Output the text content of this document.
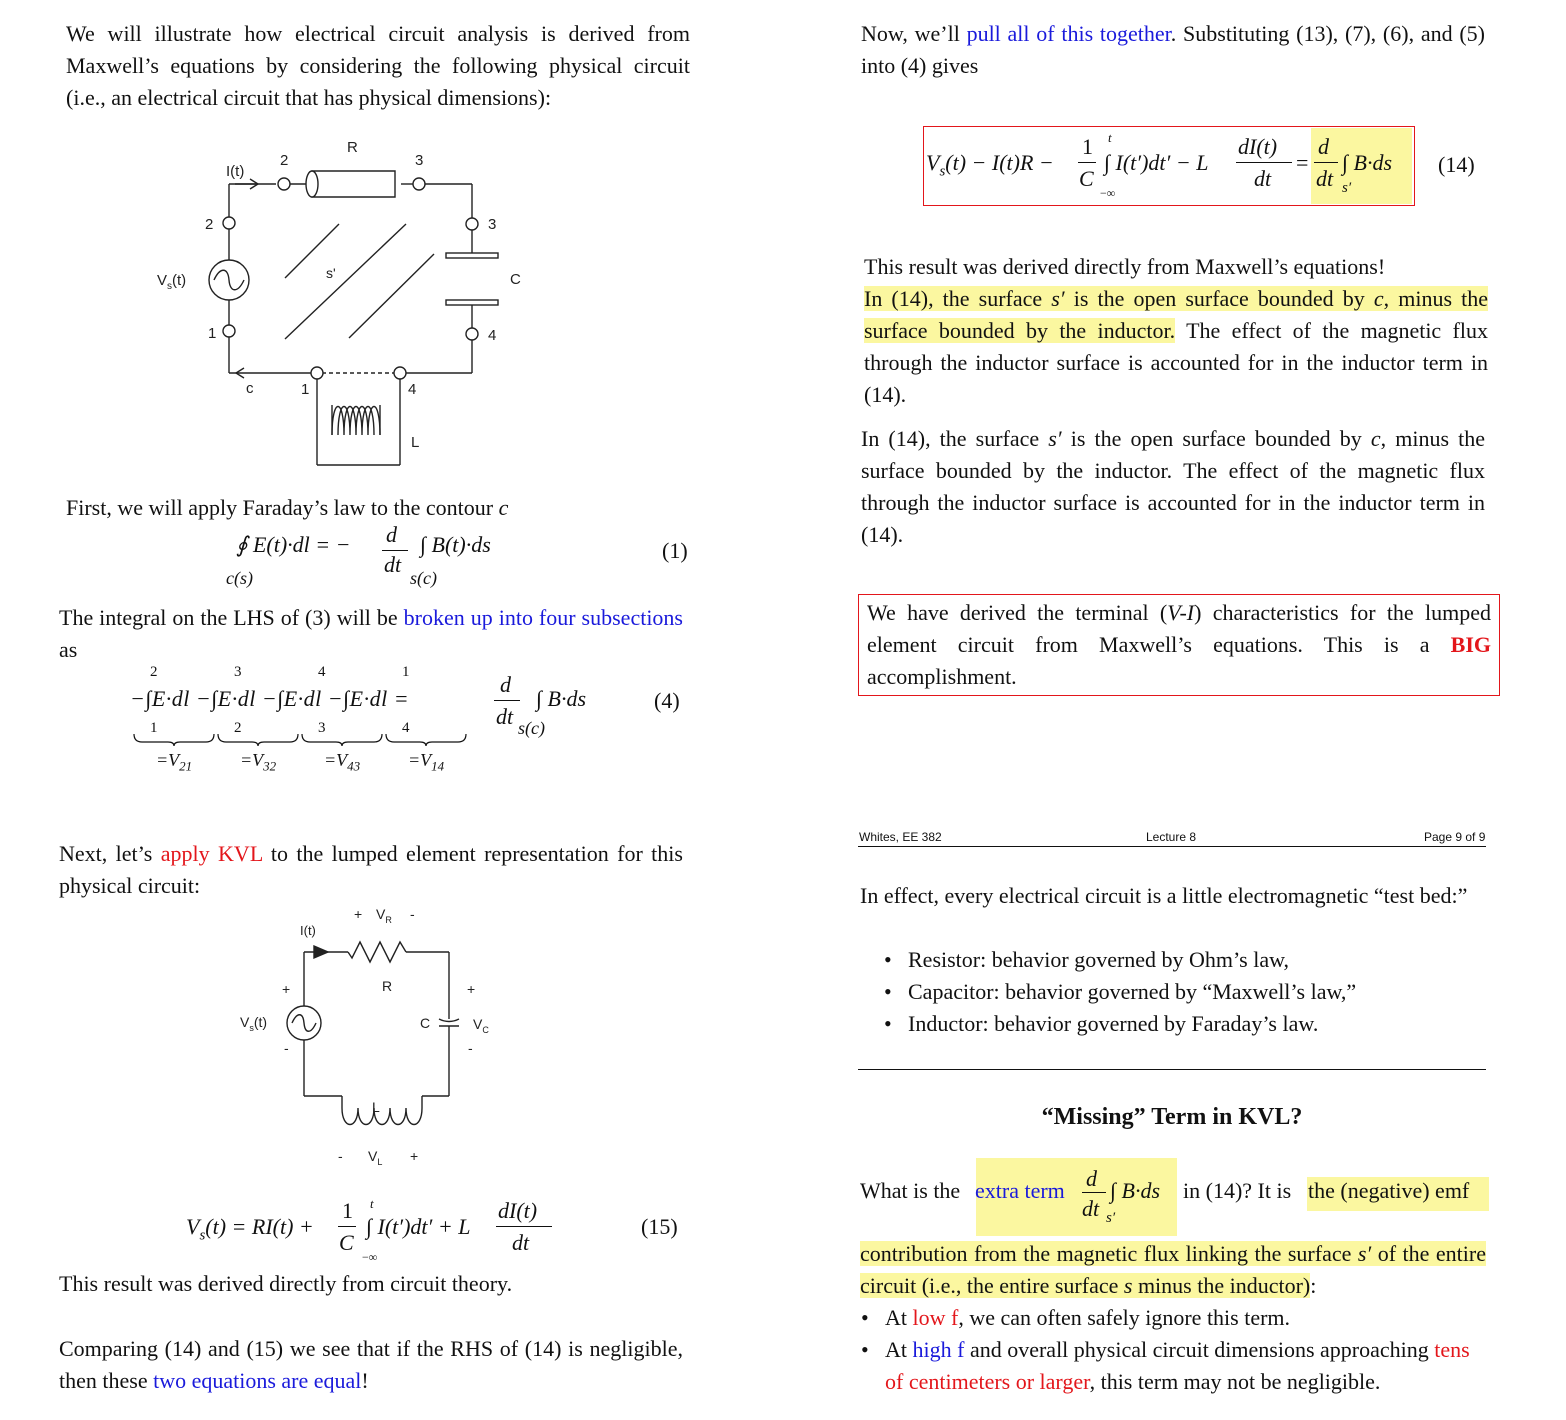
We will illustrate how electrical circuit analysis is derived from Maxwell’s equations by considering the following physical circuit (i.e., an electrical circuit that has physical dimensions):
I(t)
2
R
3
2	3
$V_s(t)$	s'	C
1	4
c	1	4
L
First, we will apply Faraday’s law to the contour c
∮ E(t)·dl = − d
dt
∫ B(t)·ds
c(s)	s(c)
(1)
The integral on the LHS of (3) will be broken up into four subsections as
−∫E·dl −∫E·dl −∫E·dl −∫E·dl =
2	3	4	1
1	2	3	4
d
dt
∫ B·ds
s(c)
(4)
$=V_{21}$	$=V_{32}$	$=V_{43}$	$=V_{14}$
Next, let’s apply KVL to the lumped element representation for this physical circuit:
+ $V_R$ -
I(t)
+	R	+
$V_s(t)$	C	$V_C$
-	-
L
- $V_L$ +
$V_s(t) = RI(t)$ +
1
C
t
−∞
∫ I(t′)dt′ + L
dI(t)
dt
(15)
This result was derived directly from circuit theory.
Comparing (14) and (15) we see that if the RHS of (14) is negligible, then these two equations are equal!
Now, we’ll pull all of this together. Substituting (13), (7), (6), and (5) into (4) gives
$V_s(t) - I(t)R$ −
1
C
t
−∞
∫ I(t′)dt′ − L
dI(t)
dt
=
d
dt
∫ B·ds
s′
(14)
This result was derived directly from Maxwell’s equations!
In (14), the surface s′ is the open surface bounded by c, minus the surface bounded by the inductor. The effect of the magnetic flux through the inductor surface is accounted for in the inductor term in (14).
In (14), the surface s′ is the open surface bounded by c, minus the surface bounded by the inductor. The effect of the magnetic flux through the inductor surface is accounted for in the inductor term in (14).
We have derived the terminal (V-I) characteristics for the lumped element circuit from Maxwell’s equations. This is a BIG accomplishment.
Whites, EE 382	Lecture 8	Page 9 of 9
In effect, every electrical circuit is a little electromagnetic “test bed:”
• Resistor: behavior governed by Ohm’s law,
• Capacitor: behavior governed by “Maxwell’s law,”
• Inductor: behavior governed by Faraday’s law.
“Missing” Term in KVL?
What is the extra term d
dt
∫ B·ds
s′
in (14)? It is the (negative) emf
contribution from the magnetic flux linking the surface s′ of the entire circuit (i.e., the entire surface s minus the inductor):
• At low f, we can often safely ignore this term.
• At high f and overall physical circuit dimensions approaching tens of centimeters or larger, this term may not be negligible.
